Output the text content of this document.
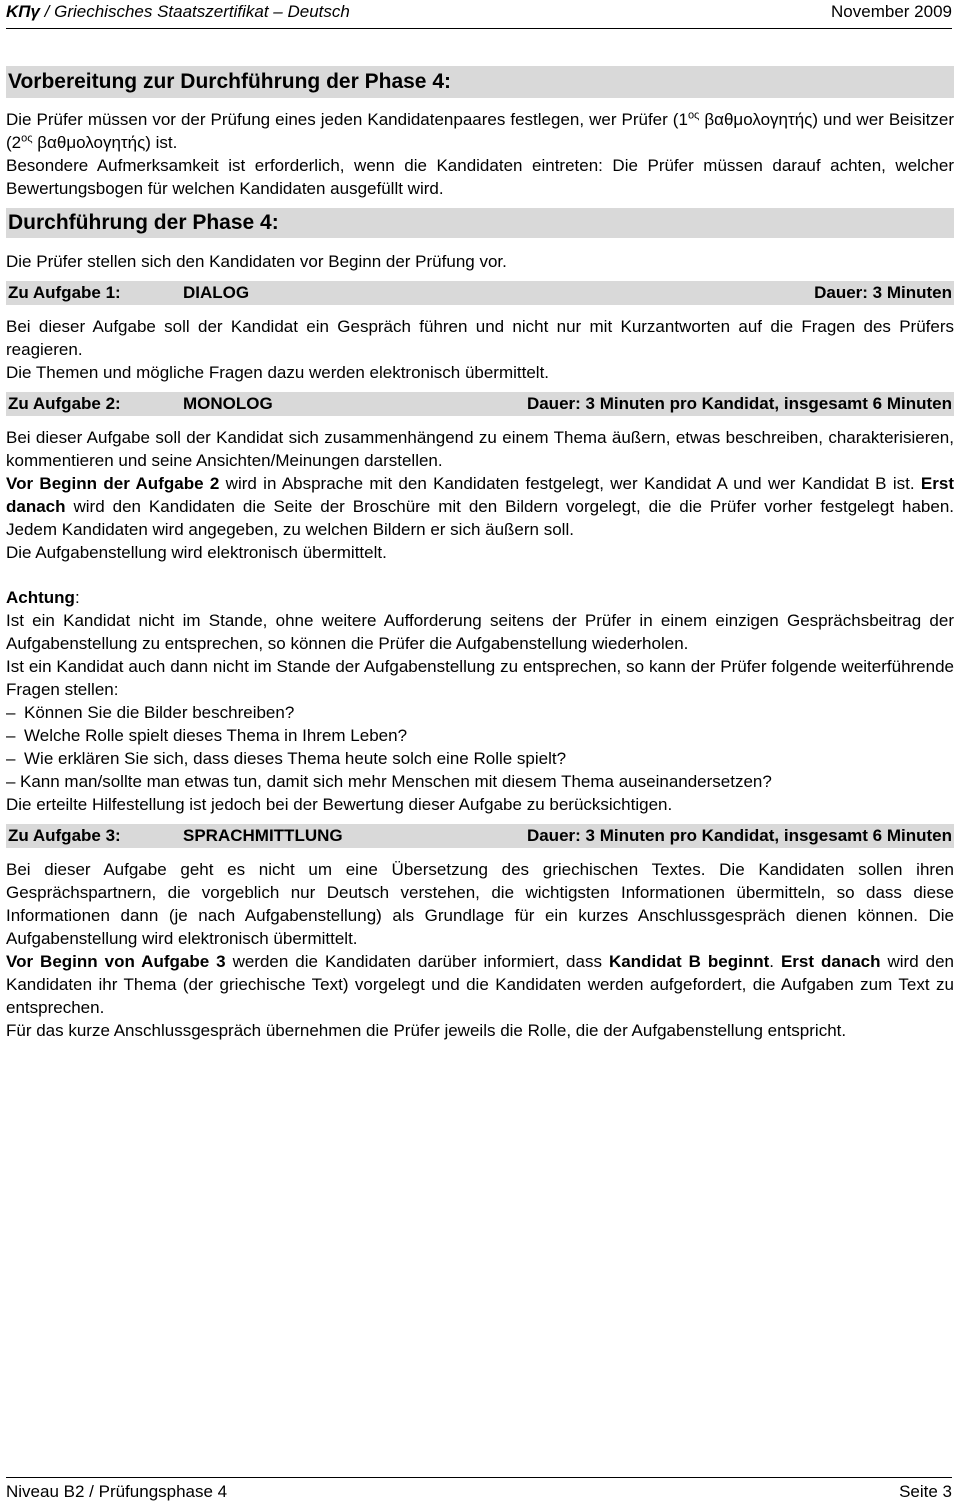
ΚΠγ / Griechisches Staatszertifikat – Deutsch	November 2009
Vorbereitung zur Durchführung der Phase 4:

Die Prüfer müssen vor der Prüfung eines jeden Kandidatenpaares festlegen, wer Prüfer ($1^{o\varsigma}$ βαθμολογητής) und wer Beisitzer ($2^{o\varsigma}$ βαθμολογητής) ist.

Besondere Aufmerksamkeit ist erforderlich, wenn die Kandidaten eintreten: Die Prüfer müssen darauf achten, welcher Bewertungsbogen für welchen Kandidaten ausgefüllt wird.

Durchführung der Phase 4:

Die Prüfer stellen sich den Kandidaten vor Beginn der Prüfung vor.

Zu Aufgabe 1:	DIALOG	Dauer: 3 Minuten

Bei dieser Aufgabe soll der Kandidat ein Gespräch führen und nicht nur mit Kurzantworten auf die Fragen des Prüfers reagieren.

Die Themen und mögliche Fragen dazu werden elektronisch übermittelt.

Zu Aufgabe 2:	MONOLOG	Dauer: 3 Minuten pro Kandidat, insgesamt 6 Minuten

Bei dieser Aufgabe soll der Kandidat sich zusammenhängend zu einem Thema äußern, etwas beschreiben, charakterisieren, kommentieren und seine Ansichten/Meinungen darstellen.

Vor Beginn der Aufgabe 2 wird in Absprache mit den Kandidaten festgelegt, wer Kandidat A und wer Kandidat B ist. Erst danach wird den Kandidaten die Seite der Broschüre mit den Bildern vorgelegt, die die Prüfer vorher festgelegt haben. Jedem Kandidaten wird angegeben, zu welchen Bildern er sich äußern soll.

Die Aufgabenstellung wird elektronisch übermittelt.

Achtung:

Ist ein Kandidat nicht im Stande, ohne weitere Aufforderung seitens der Prüfer in einem einzigen Gesprächsbeitrag der Aufgabenstellung zu entsprechen, so können die Prüfer die Aufgabenstellung wiederholen.

Ist ein Kandidat auch dann nicht im Stande der Aufgabenstellung zu entsprechen, so kann der Prüfer folgende weiterführende Fragen stellen:

– Können Sie die Bilder beschreiben?

– Welche Rolle spielt dieses Thema in Ihrem Leben?

– Wie erklären Sie sich, dass dieses Thema heute solch eine Rolle spielt?

– Kann man/sollte man etwas tun, damit sich mehr Menschen mit diesem Thema auseinandersetzen?

Die erteilte Hilfestellung ist jedoch bei der Bewertung dieser Aufgabe zu berücksichtigen.

Zu Aufgabe 3:	SPRACHMITTLUNG	Dauer: 3 Minuten pro Kandidat, insgesamt 6 Minuten

Bei dieser Aufgabe geht es nicht um eine Übersetzung des griechischen Textes. Die Kandidaten sollen ihren Gesprächspartnern, die vorgeblich nur Deutsch verstehen, die wichtigsten Informationen übermitteln, so dass diese Informationen dann (je nach Aufgabenstellung) als Grundlage für ein kurzes Anschlussgespräch dienen können. Die Aufgabenstellung wird elektronisch übermittelt.

Vor Beginn von Aufgabe 3 werden die Kandidaten darüber informiert, dass Kandidat B beginnt. Erst danach wird den Kandidaten ihr Thema (der griechische Text) vorgelegt und die Kandidaten werden aufgefordert, die Aufgaben zum Text zu entsprechen.

Für das kurze Anschlussgespräch übernehmen die Prüfer jeweils die Rolle, die der Aufgabenstellung entspricht.

Niveau B2 / Prüfungsphase 4	Seite 3
